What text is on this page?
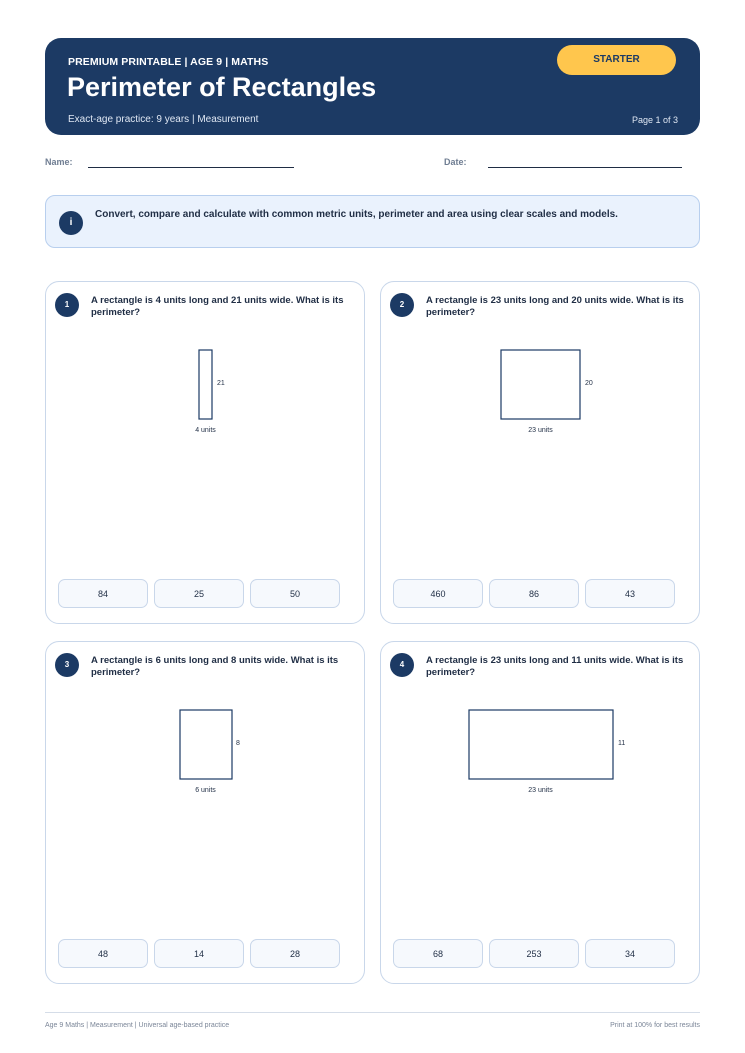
PREMIUM PRINTABLE | AGE 9 | MATHS
Perimeter of Rectangles
Exact-age practice: 9 years | Measurement	Page 1 of 3
STARTER
Name:	Date:
i
Convert, compare and calculate with common metric units, perimeter and area using clear scales and models.
1	A rectangle is 4 units long and 21 units wide. What is its perimeter?
21
4 units
84	25	50
2	A rectangle is 23 units long and 20 units wide. What is its perimeter?
20
23 units
460	86	43
3	A rectangle is 6 units long and 8 units wide. What is its perimeter?
8
6 units
48	14	28
4	A rectangle is 23 units long and 11 units wide. What is its perimeter?
11
23 units
68	253	34
Age 9 Maths | Measurement | Universal age-based practice	Print at 100% for best results
